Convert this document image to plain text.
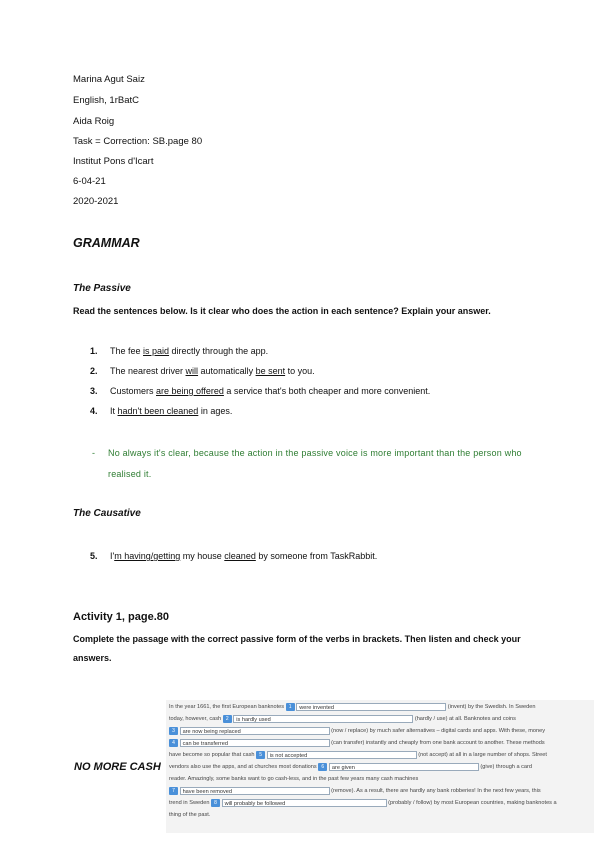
Marina Agut Saiz
English, 1rBatC
Aida Roig
Task = Correction: SB.page 80
Institut Pons d'Icart
6-04-21
2020-2021
GRAMMAR
The Passive
Read the sentences below. Is it clear who does the action in each sentence? Explain your answer.
1. The fee is paid directly through the app.
2. The nearest driver will automatically be sent to you.
3. Customers are being offered a service that's both cheaper and more convenient.
4. It hadn't been cleaned in ages.
- No always it's clear, because the action in the passive voice is more important than the person who realised it.
The Causative
5. I'm having/getting my house cleaned by someone from TaskRabbit.
Activity 1, page.80
Complete the passage with the correct passive form of the verbs in brackets. Then listen and check your answers.
NO MORE CASH
In the year 1661, the first European banknotes 1 were invented	(invent) by the Swedish. In Sweden
today, however, cash 2 is hardly used	(hardly / use) at all. Banknotes and coins
3 are now being replaced	(now / replace) by much safer alternatives – digital cards and apps. With these, money
4 can be transferred	(can transfer) instantly and cheaply from one bank account to another. These methods
have become so popular that cash 5 is not accepted	(not accept) at all in a large number of shops. Street
vendors also use the apps, and at churches most donations 6 are given	(give) through a card
reader. Amazingly, some banks want to go cash-less, and in the past few years many cash machines
7 have been removed	(remove). As a result, there are hardly any bank robberies! In the next few years, this
trend in Sweden 8 will probably be followed	(probably / follow) by most European countries, making banknotes a
thing of the past.
